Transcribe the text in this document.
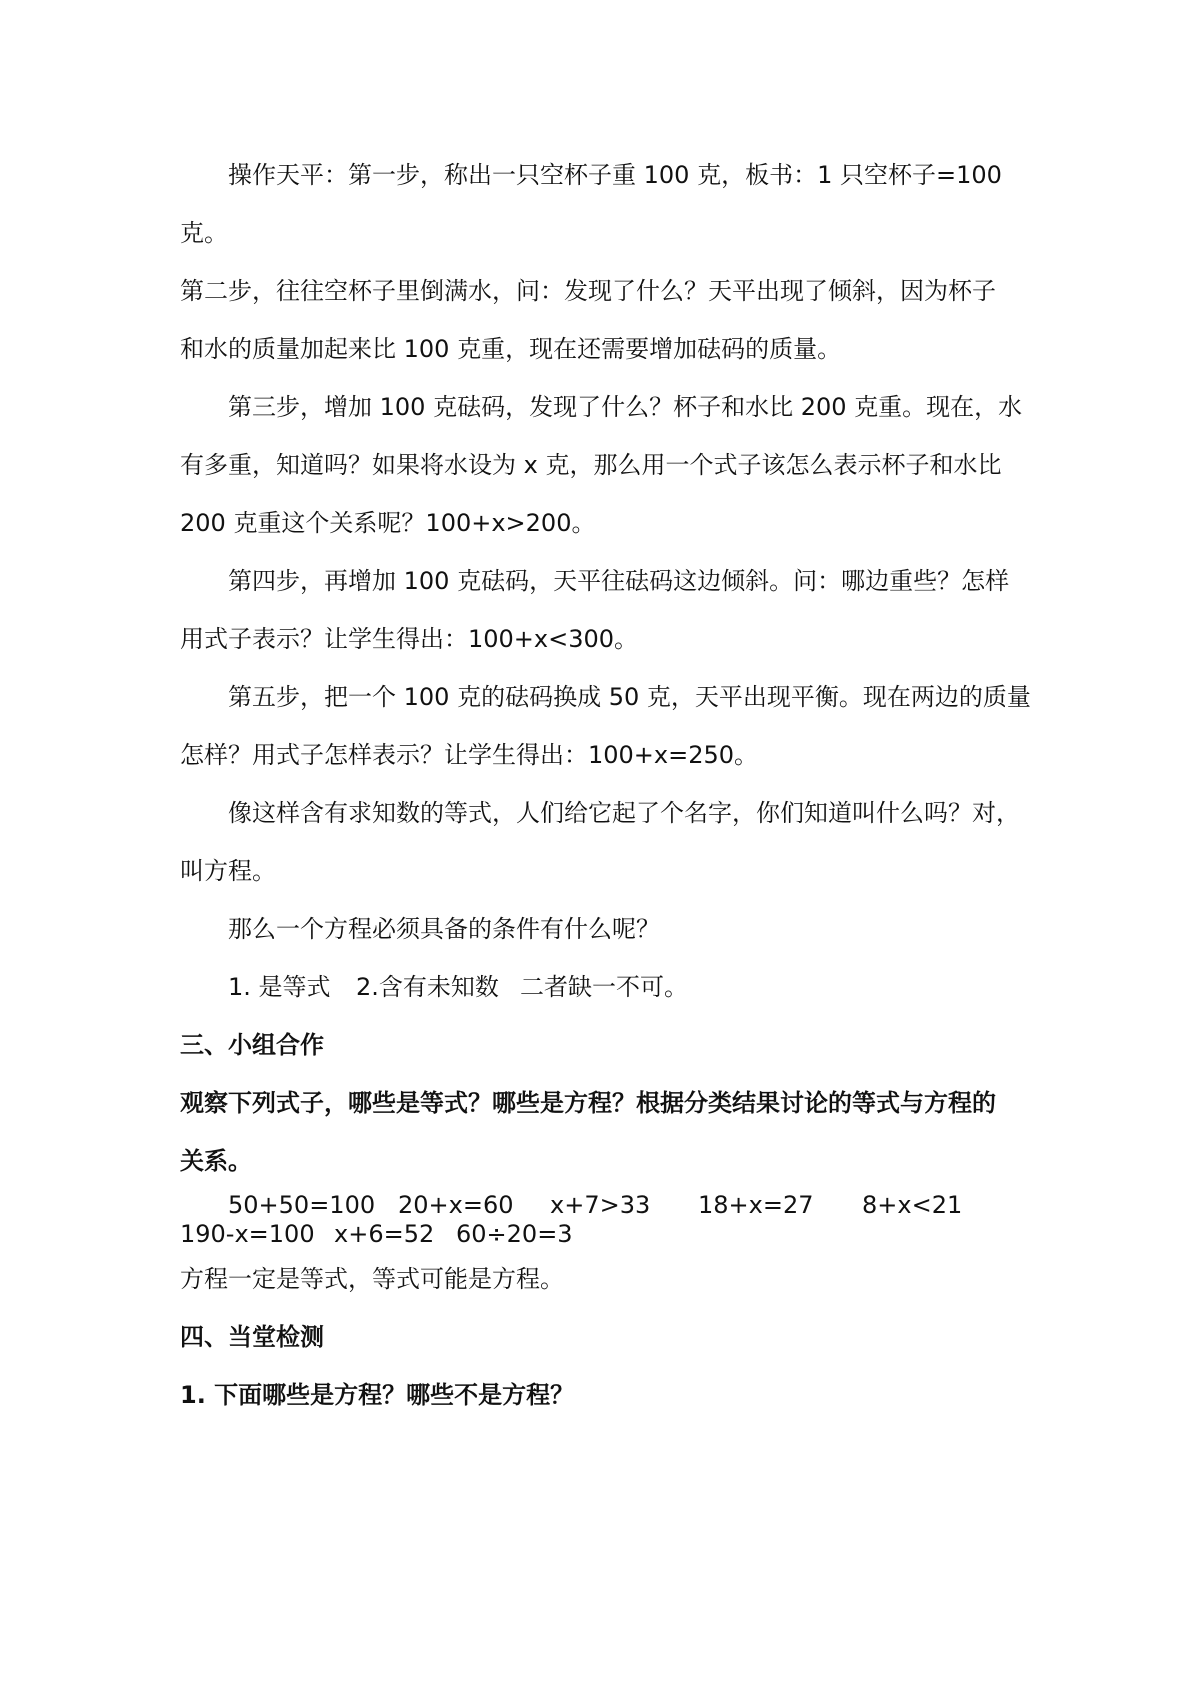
操作天平：第一步，称出一只空杯子重 100 克，板书：1 只空杯子=100
克。
第二步，往往空杯子里倒满水，问：发现了什么？天平出现了倾斜，因为杯子
和水的质量加起来比 100 克重，现在还需要增加砝码的质量。
第三步，增加 100 克砝码，发现了什么？杯子和水比 200 克重。现在，水
有多重，知道吗？如果将水设为 x 克，那么用一个式子该怎么表示杯子和水比
200 克重这个关系呢？100+x>200。
第四步，再增加 100 克砝码，天平往砝码这边倾斜。问：哪边重些？怎样
用式子表示？让学生得出：100+x<300。
第五步，把一个 100 克的砝码换成 50 克，天平出现平衡。现在两边的质量
怎样？用式子怎样表示？让学生得出：100+x=250。
像这样含有求知数的等式，人们给它起了个名字，你们知道叫什么吗？对，
叫方程。
那么一个方程必须具备的条件有什么呢？
1. 是等式 2.含有未知数 二者缺一不可。
三、小组合作
观察下列式子，哪些是等式？哪些是方程？根据分类结果讨论的等式与方程的
关系。
50+50=100 20+x=60 x+7>33 18+x=27 8+x<21
190-x=100 x+6=52 60÷20=3
方程一定是等式，等式可能是方程。
四、当堂检测
1. 下面哪些是方程？哪些不是方程？
